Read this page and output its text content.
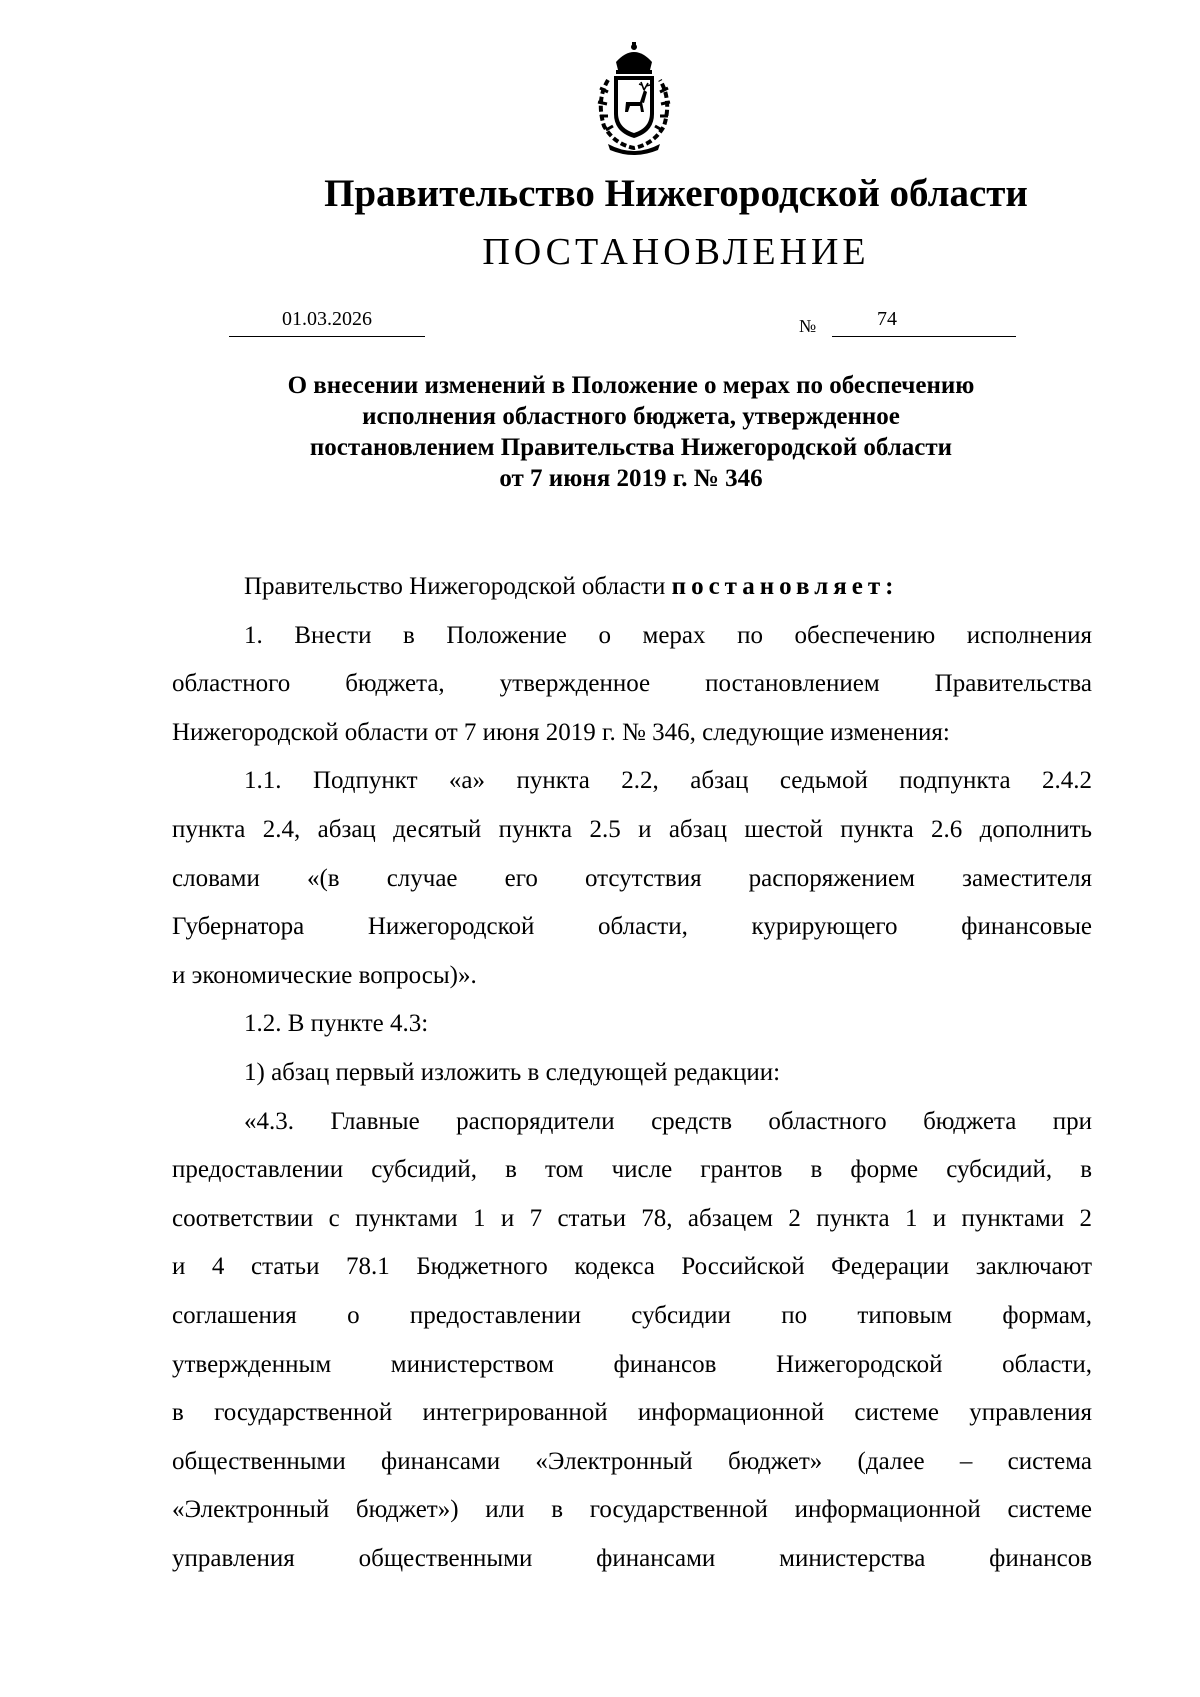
Правительство Нижегородской области
ПОСТАНОВЛЕНИЕ
01.03.2026	№	74
О внесении изменений в Положение о мерах по обеспечению
исполнения областного бюджета, утвержденное
постановлением Правительства Нижегородской области
от 7 июня 2019 г. № 346
Правительство Нижегородской области постановляет:
1. Внести в Положение о мерах по обеспечению исполнения
областного бюджета, утвержденное постановлением Правительства
Нижегородской области от 7 июня 2019 г. № 346, следующие изменения:
1.1. Подпункт «а» пункта 2.2, абзац седьмой подпункта 2.4.2
пункта 2.4, абзац десятый пункта 2.5 и абзац шестой пункта 2.6 дополнить
словами «(в случае его отсутствия распоряжением заместителя
Губернатора Нижегородской области, курирующего финансовые
и экономические вопросы)».
1.2. В пункте 4.3:
1) абзац первый изложить в следующей редакции:
«4.3. Главные распорядители средств областного бюджета при
предоставлении субсидий, в том числе грантов в форме субсидий, в
соответствии с пунктами 1 и 7 статьи 78, абзацем 2 пункта 1 и пунктами 2
и 4 статьи 78.1 Бюджетного кодекса Российской Федерации заключают
соглашения о предоставлении субсидии по типовым формам,
утвержденным министерством финансов Нижегородской области,
в государственной интегрированной информационной системе управления
общественными финансами «Электронный бюджет» (далее – система
«Электронный бюджет») или в государственной информационной системе
управления общественными финансами министерства финансов
